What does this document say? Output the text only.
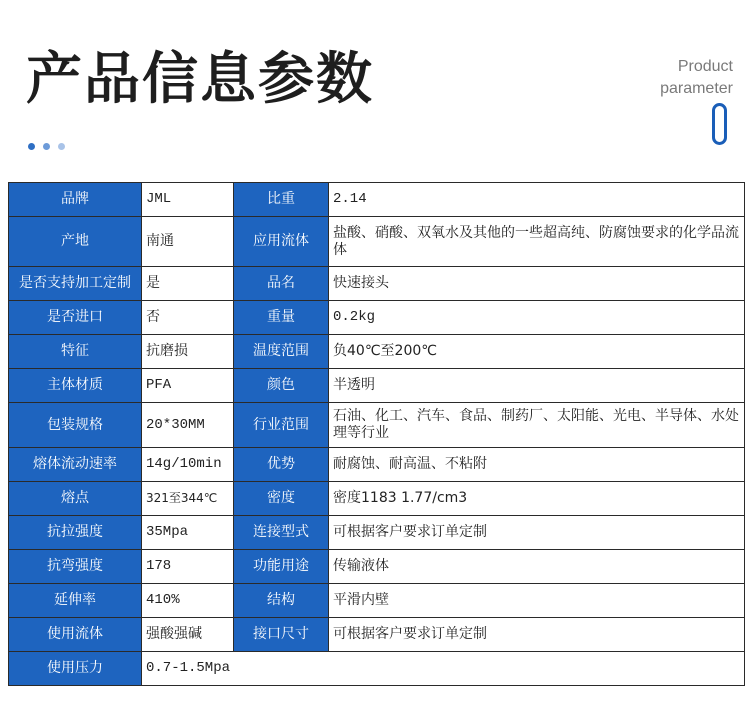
产品信息参数	Product
parameter
品牌	JML	比重	2.14
产地	南通	应用流体	盐酸、硝酸、双氧水及其他的一些超高纯、防腐蚀要求的化学品流体
是否支持加工定制	是	品名	快速接头
是否进口	否	重量	0.2kg
特征	抗磨损	温度范围	负40℃至200℃
主体材质	PFA	颜色	半透明
包装规格	20*30MM	行业范围	石油、化工、汽车、食品、制药厂、太阳能、光电、半导体、水处理等行业
熔体流动速率	14g/10min	优势	耐腐蚀、耐高温、不粘附
熔点	321至344℃	密度	密度1183 1.77/cm3
抗拉强度	35Mpa	连接型式	可根据客户要求订单定制
抗弯强度	178	功能用途	传输液体
延伸率	410%	结构	平滑内壁
使用流体	强酸强碱	接口尺寸	可根据客户要求订单定制
使用压力	0.7-1.5Mpa		
